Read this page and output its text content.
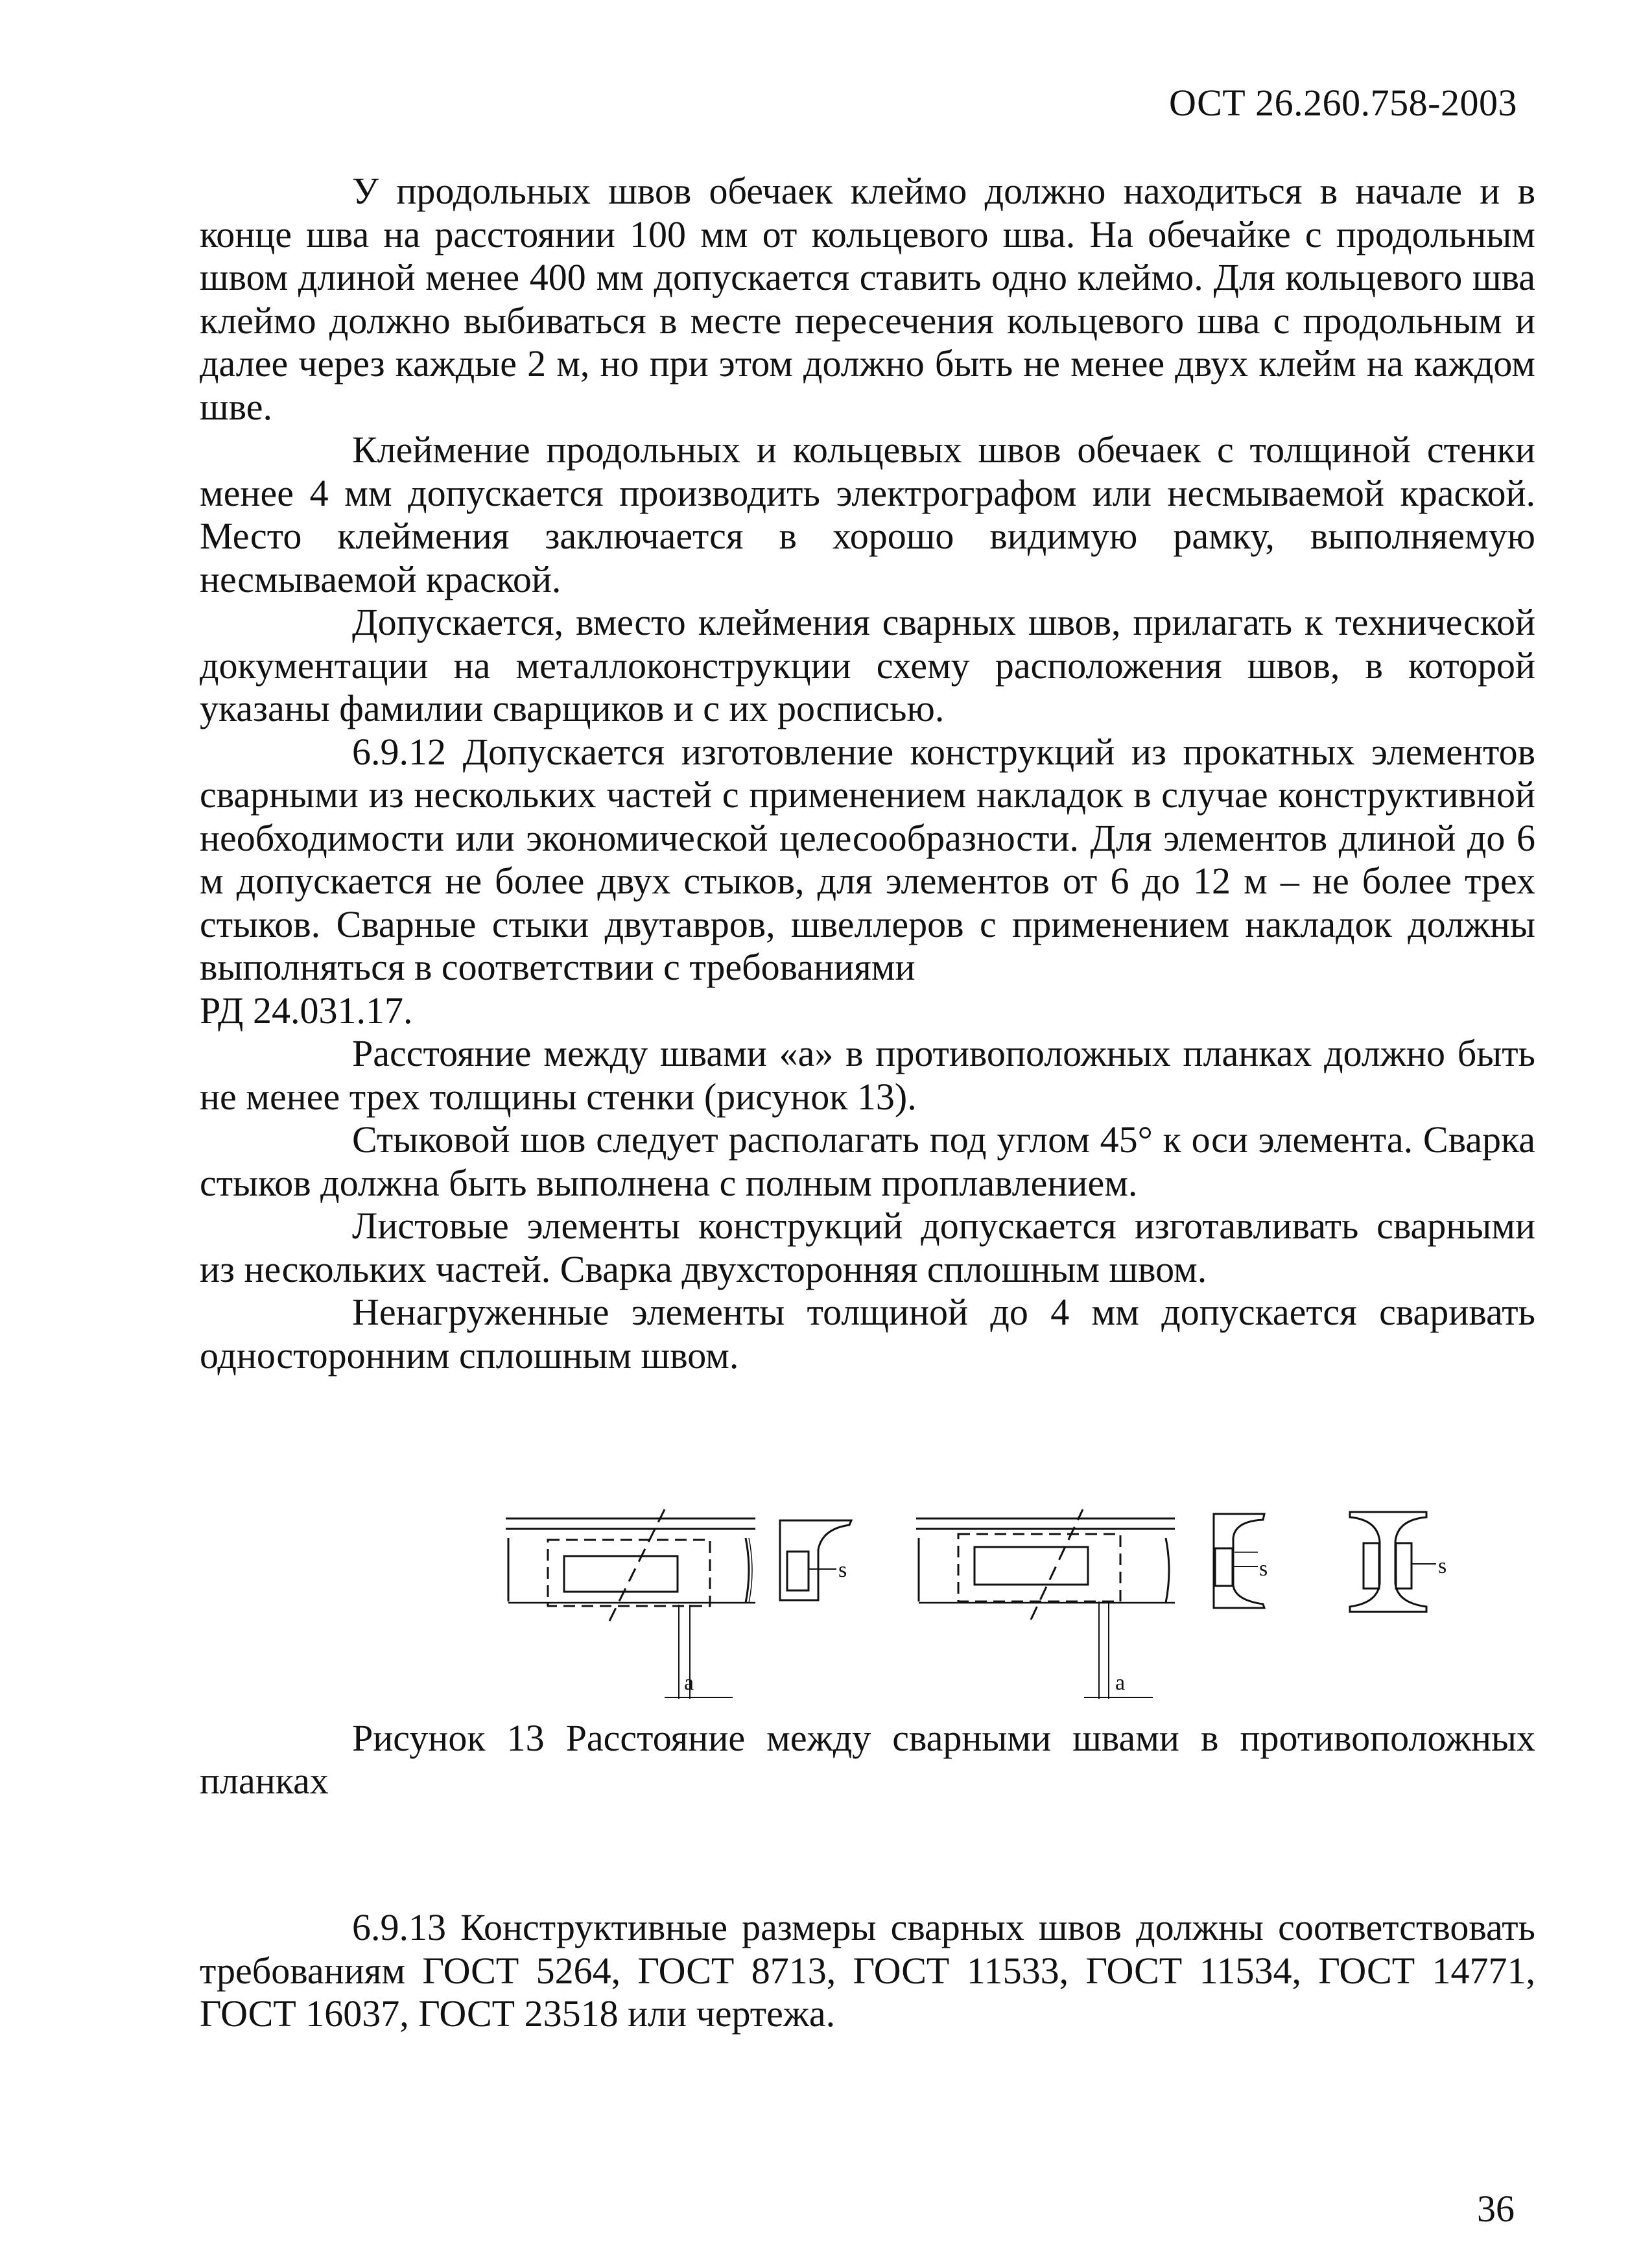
ОСТ 26.260.758-2003

У продольных швов обечаек клеймо должно находиться в начале и в конце шва на расстоянии 100 мм от кольцевого шва. На обечайке с продольным швом длиной менее 400 мм допускается ставить одно клеймо. Для кольцевого шва клеймо должно выбиваться в месте пересечения кольцевого шва с продольным и далее через каждые 2 м, но при этом должно быть не менее двух клейм на каждом шве.

Клеймение продольных и кольцевых швов обечаек с толщиной стенки менее 4 мм допускается производить электрографом или несмываемой краской. Место клеймения заключается в хорошо видимую рамку, выполняемую несмываемой краской.

Допускается, вместо клеймения сварных швов, прилагать к технической документации на металлоконструкции схему расположения швов, в которой указаны фамилии сварщиков и с их росписью.

6.9.12 Допускается изготовление конструкций из прокатных элементов сварными из нескольких частей с применением накладок в случае конструктивной необходимости или экономической целесообразности. Для элементов длиной до 6 м допускается не более двух стыков, для элементов от 6 до 12 м – не более трех стыков. Сварные стыки двутавров, швеллеров с применением накладок должны выполняться в соответствии с требованиями

РД 24.031.17.

Расстояние между швами «а» в противоположных планках должно быть не менее трех толщины стенки (рисунок 13).

Стыковой шов следует располагать под углом 45° к оси элемента. Сварка стыков должна быть выполнена с полным проплавлением.

Листовые элементы конструкций допускается изготавливать сварными из нескольких частей. Сварка двухсторонняя сплошным швом.

Ненагруженные элементы толщиной до 4 мм допускается сваривать односторонним сплошным швом.

a	a
s	s	s

Рисунок 13 Расстояние между сварными швами в противоположных планках

6.9.13 Конструктивные размеры сварных швов должны соответствовать требованиям ГОСТ 5264, ГОСТ 8713, ГОСТ 11533, ГОСТ 11534, ГОСТ 14771, ГОСТ 16037, ГОСТ 23518 или чертежа.

36
